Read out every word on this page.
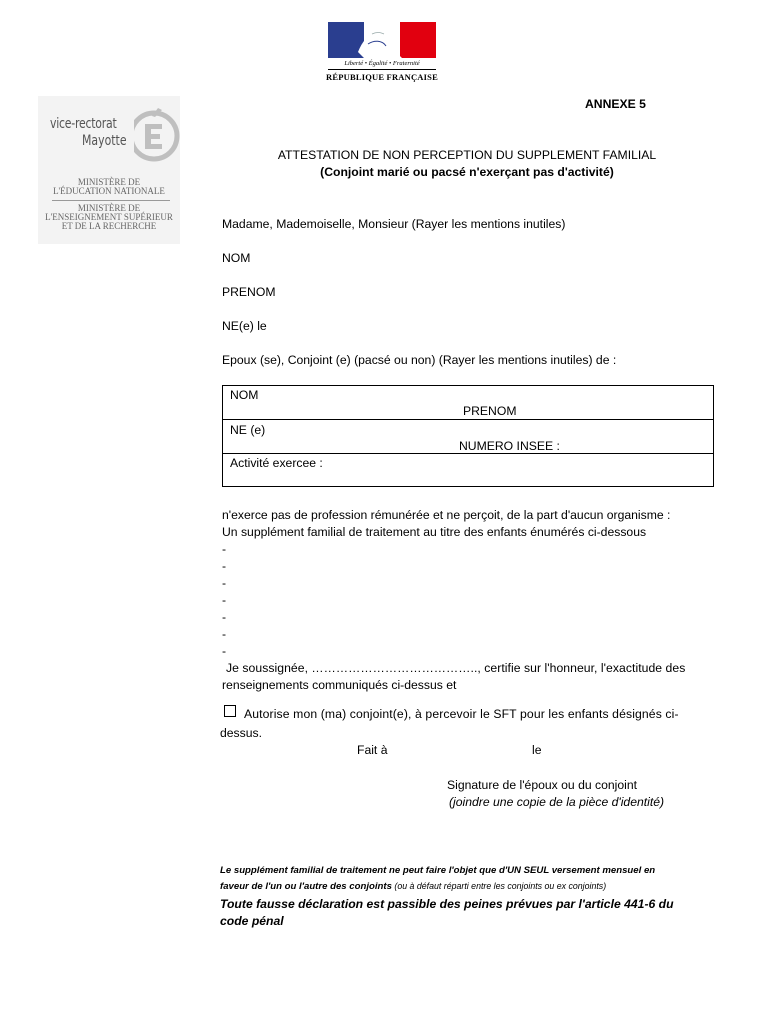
Liberté • Égalité • Fraternité
RÉPUBLIQUE FRANÇAISE
vice-rectorat
Mayotte
MINISTÈRE DE
L'ÉDUCATION NATIONALE
MINISTÈRE DE
L'ENSEIGNEMENT SUPÉRIEUR
ET DE LA RECHERCHE
ANNEXE 5
ATTESTATION DE NON PERCEPTION DU SUPPLEMENT FAMILIAL
(Conjoint marié ou pacsé n'exerçant pas d'activité)
Madame, Mademoiselle, Monsieur (Rayer les mentions inutiles)
NOM
PRENOM
NE(e) le
Epoux (se), Conjoint (e) (pacsé ou non) (Rayer les mentions inutiles) de :
NOM
PRENOM
NE (e)
NUMERO INSEE :
Activité exercee :
n'exerce pas de profession rémunérée et ne perçoit, de la part d'aucun organisme :
Un supplément familial de traitement au titre des enfants énumérés ci-dessous
-
-
-
-
-
-
-
Je soussignée, ………………………………….., certifie sur l'honneur, l'exactitude des
renseignements communiqués ci-dessus et
Autorise mon (ma) conjoint(e), à percevoir le SFT pour les enfants désignés ci-
dessus.
Fait à	le
Signature de l'époux ou du conjoint
(joindre une copie de la pièce d'identité)
Le supplément familial de traitement ne peut faire l'objet que d'UN SEUL versement mensuel en
faveur de l'un ou l'autre des conjoints (ou à défaut réparti entre les conjoints ou ex conjoints)
Toute fausse déclaration est passible des peines prévues par l'article 441-6 du
code pénal
